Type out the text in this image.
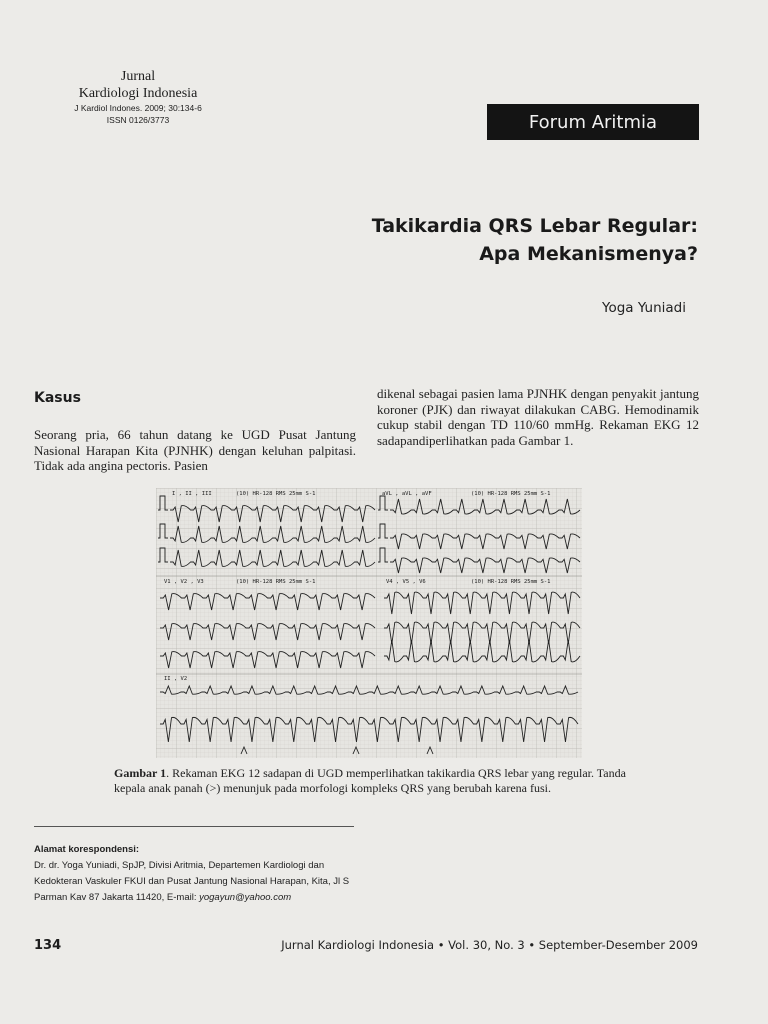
Jurnal
Kardiologi Indonesia
J Kardiol Indones. 2009; 30:134-6
ISSN 0126/3773	Forum Aritmia
Takikardia QRS Lebar Regular:
Apa Mekanismenya?
Yoga Yuniadi
Kasus

Seorang pria, 66 tahun datang ke UGD Pusat Jantung Nasional Harapan Kita (PJNHK) dengan keluhan palpitasi. Tidak ada angina pectoris. Pasien

dikenal sebagai pasien lama PJNHK dengan penyakit jantung koroner (PJK) dan riwayat dilakukan CABG. Hemodinamik cukup stabil dengan TD 110/60 mmHg. Rekaman EKG 12 sadapandiperlihatkan pada Gambar 1.

I , II , III	aVL , aVL , aVF
V1 , V2 , V3	V4 , V5 , V6
II , V2
(10) HR-128 RMS 25mm S-1	(10) HR-128 RMS 25mm S-1
(10) HR-128 RMS 25mm S-1	(10) HR-128 RMS 25mm S-1
Gambar 1. Rekaman EKG 12 sadapan di UGD memperlihatkan takikardia QRS lebar yang regular. Tanda kepala anak panah (>) menunjuk pada morfologi kompleks QRS yang berubah karena fusi.
Alamat korespondensi:
Dr. dr. Yoga Yuniadi, SpJP, Divisi Aritmia, Departemen Kardiologi dan Kedokteran Vaskuler FKUI dan Pusat Jantung Nasional Harapan, Kita, Jl S Parman Kav 87 Jakarta 11420, E-mail: yogayun@yahoo.com
134	Jurnal Kardiologi Indonesia • Vol. 30, No. 3 • September-Desember 2009
